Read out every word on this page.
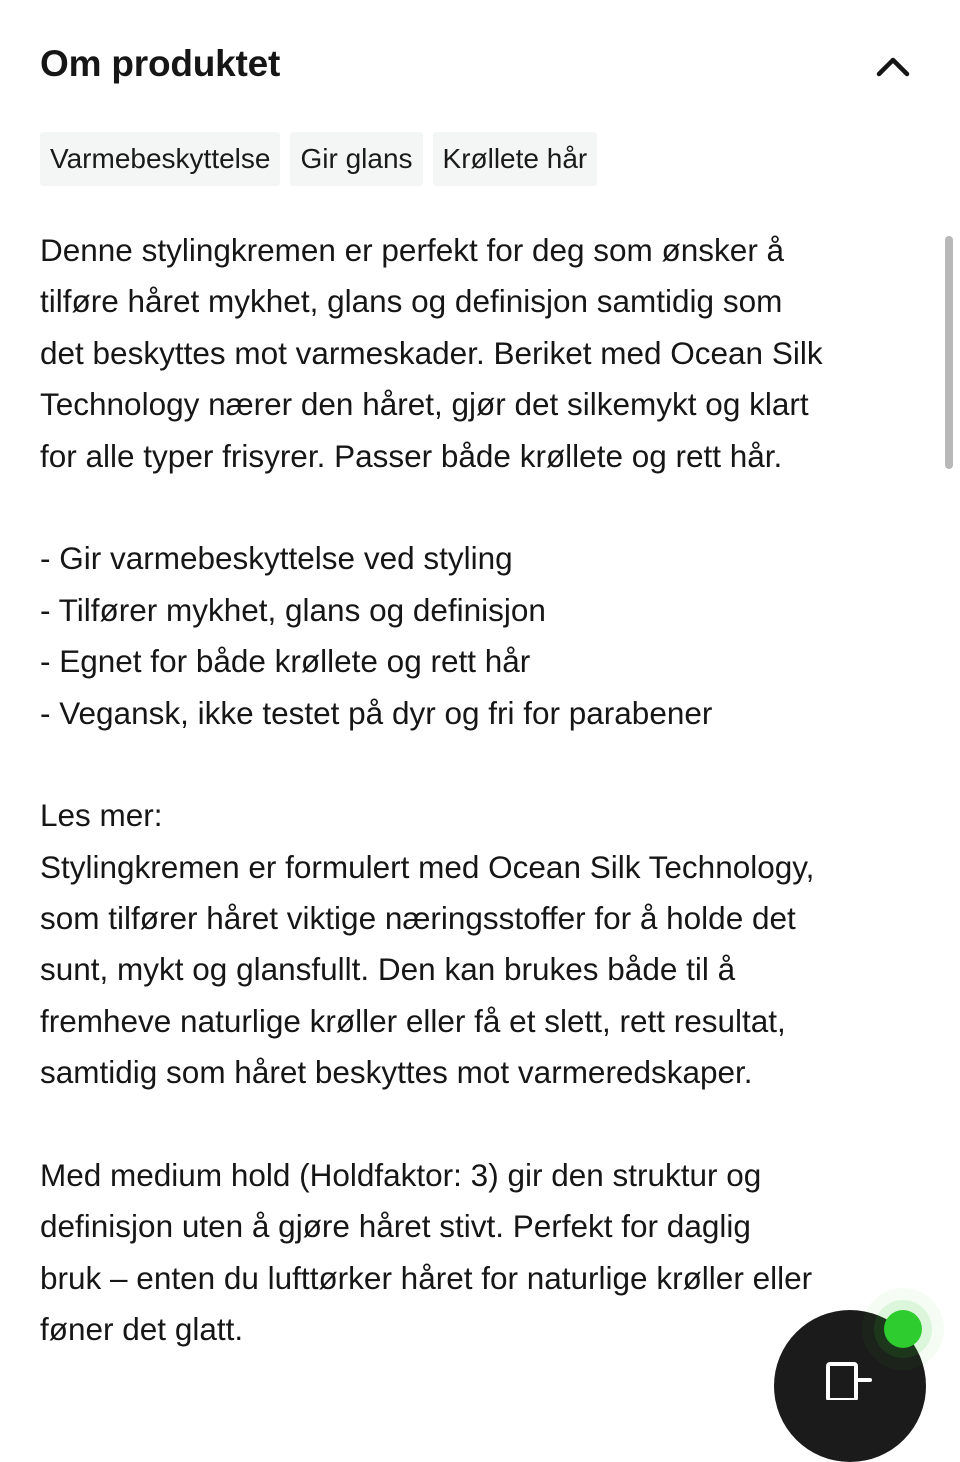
Om produktet
Varmebeskyttelse	Gir glans	Krøllete hår
Denne stylingkremen er perfekt for deg som ønsker å
tilføre håret mykhet, glans og definisjon samtidig som
det beskyttes mot varmeskader. Beriket med Ocean Silk
Technology nærer den håret, gjør det silkemykt og klart
for alle typer frisyrer. Passer både krøllete og rett hår.
- Gir varmebeskyttelse ved styling
- Tilfører mykhet, glans og definisjon
- Egnet for både krøllete og rett hår
- Vegansk, ikke testet på dyr og fri for parabener
Les mer:
Stylingkremen er formulert med Ocean Silk Technology,
som tilfører håret viktige næringsstoffer for å holde det
sunt, mykt og glansfullt. Den kan brukes både til å
fremheve naturlige krøller eller få et slett, rett resultat,
samtidig som håret beskyttes mot varmeredskaper.
Med medium hold (Holdfaktor: 3) gir den struktur og
definisjon uten å gjøre håret stivt. Perfekt for daglig
bruk – enten du lufttørker håret for naturlige krøller eller
føner det glatt.
